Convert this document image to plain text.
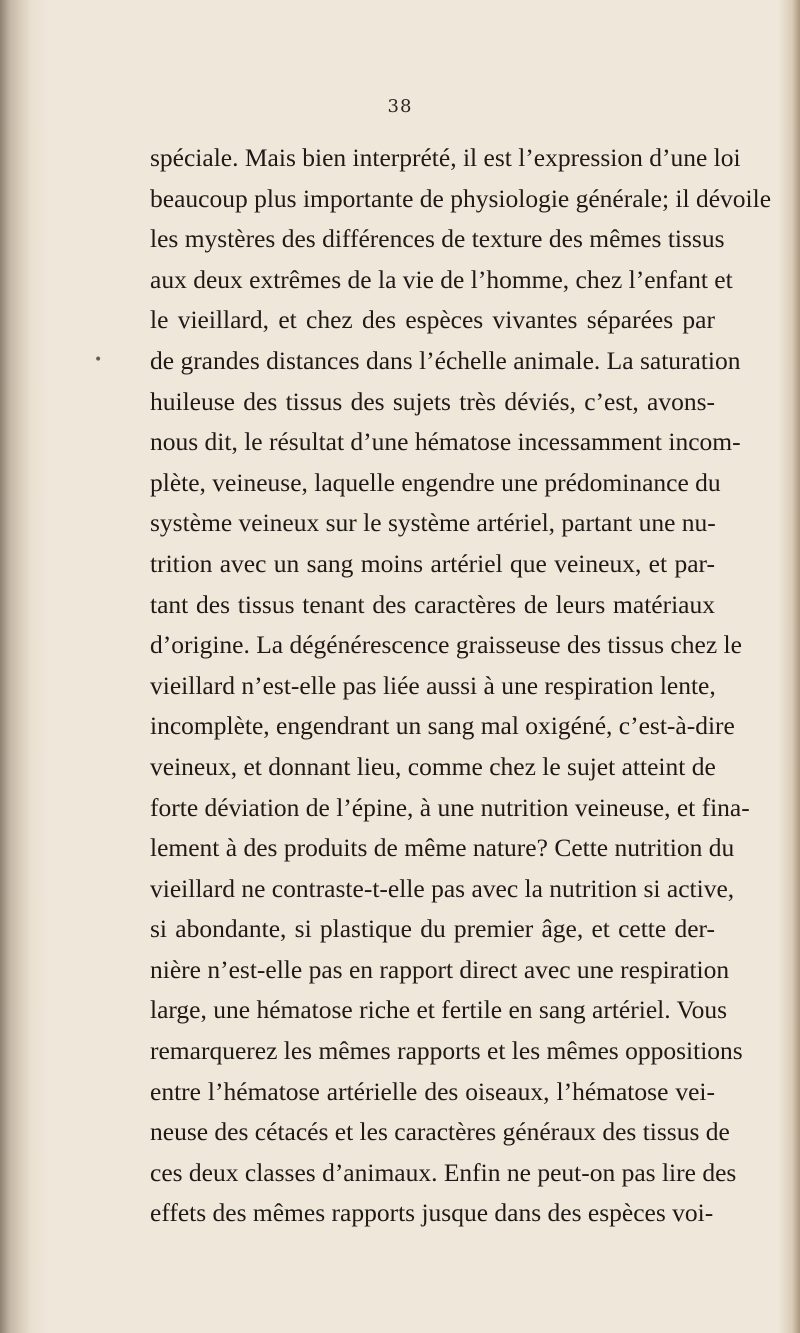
38
•
spéciale. Mais bien interprété, il est l’expression d’une loi
beaucoup plus importante de physiologie générale; il dévoile
les mystères des différences de texture des mêmes tissus
aux deux extrêmes de la vie de l’homme, chez l’enfant et
le vieillard, et chez des espèces vivantes séparées par
de grandes distances dans l’échelle animale. La saturation
huileuse des tissus des sujets très déviés, c’est, avons-
nous dit, le résultat d’une hématose incessamment incom-
plète, veineuse, laquelle engendre une prédominance du
système veineux sur le système artériel, partant une nu-
trition avec un sang moins artériel que veineux, et par-
tant des tissus tenant des caractères de leurs matériaux
d’origine. La dégénérescence graisseuse des tissus chez le
vieillard n’est-elle pas liée aussi à une respiration lente,
incomplète, engendrant un sang mal oxigéné, c’est-à-dire
veineux, et donnant lieu, comme chez le sujet atteint de
forte déviation de l’épine, à une nutrition veineuse, et fina-
lement à des produits de même nature? Cette nutrition du
vieillard ne contraste-t-elle pas avec la nutrition si active,
si abondante, si plastique du premier âge, et cette der-
nière n’est-elle pas en rapport direct avec une respiration
large, une hématose riche et fertile en sang artériel. Vous
remarquerez les mêmes rapports et les mêmes oppositions
entre l’hématose artérielle des oiseaux, l’hématose vei-
neuse des cétacés et les caractères généraux des tissus de
ces deux classes d’animaux. Enfin ne peut-on pas lire des
effets des mêmes rapports jusque dans des espèces voi-
